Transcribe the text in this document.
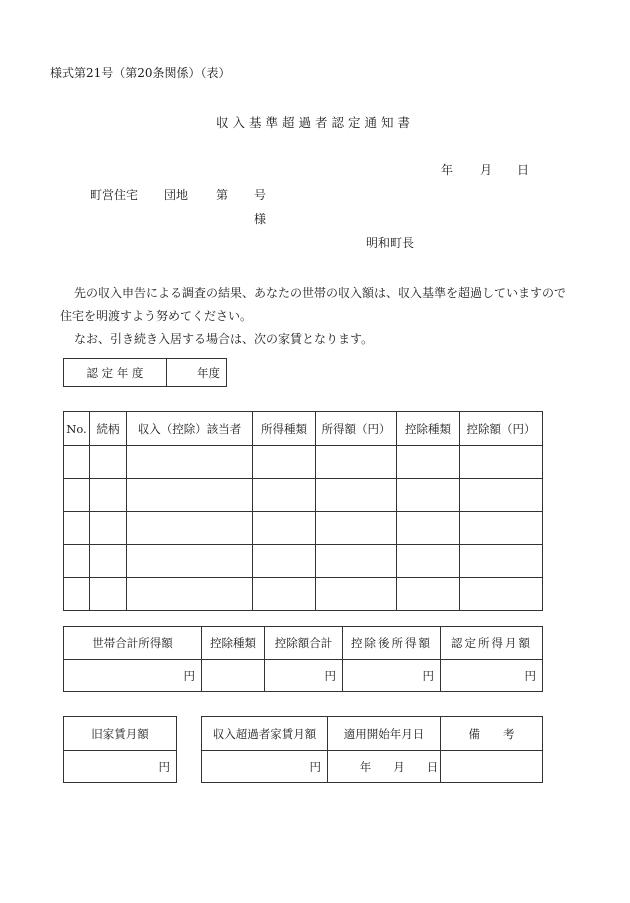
様式第21号（第20条関係）（表）
収入基準超過者認定通知書
年 月 日
町営住宅 団地 第 号
様
明和町長
先の収入申告による調査の結果、あなたの世帯の収入額は、収入基準を超過していますので住宅を明渡すよう努めてください。
なお、引き続き入居する場合は、次の家賃となります。
認 定 年 度	年度
No.	続柄	収入（控除）該当者	所得種類	所得額（円）	控除種類	控除額（円）

世帯合計所得額	控除種類	控除額合計	控除後所得額	認定所得月額
円		円	円	円
旧家賃月額
円
収入超過者家賃月額	適用開始年月日	備　　考
円	年 月 日	
